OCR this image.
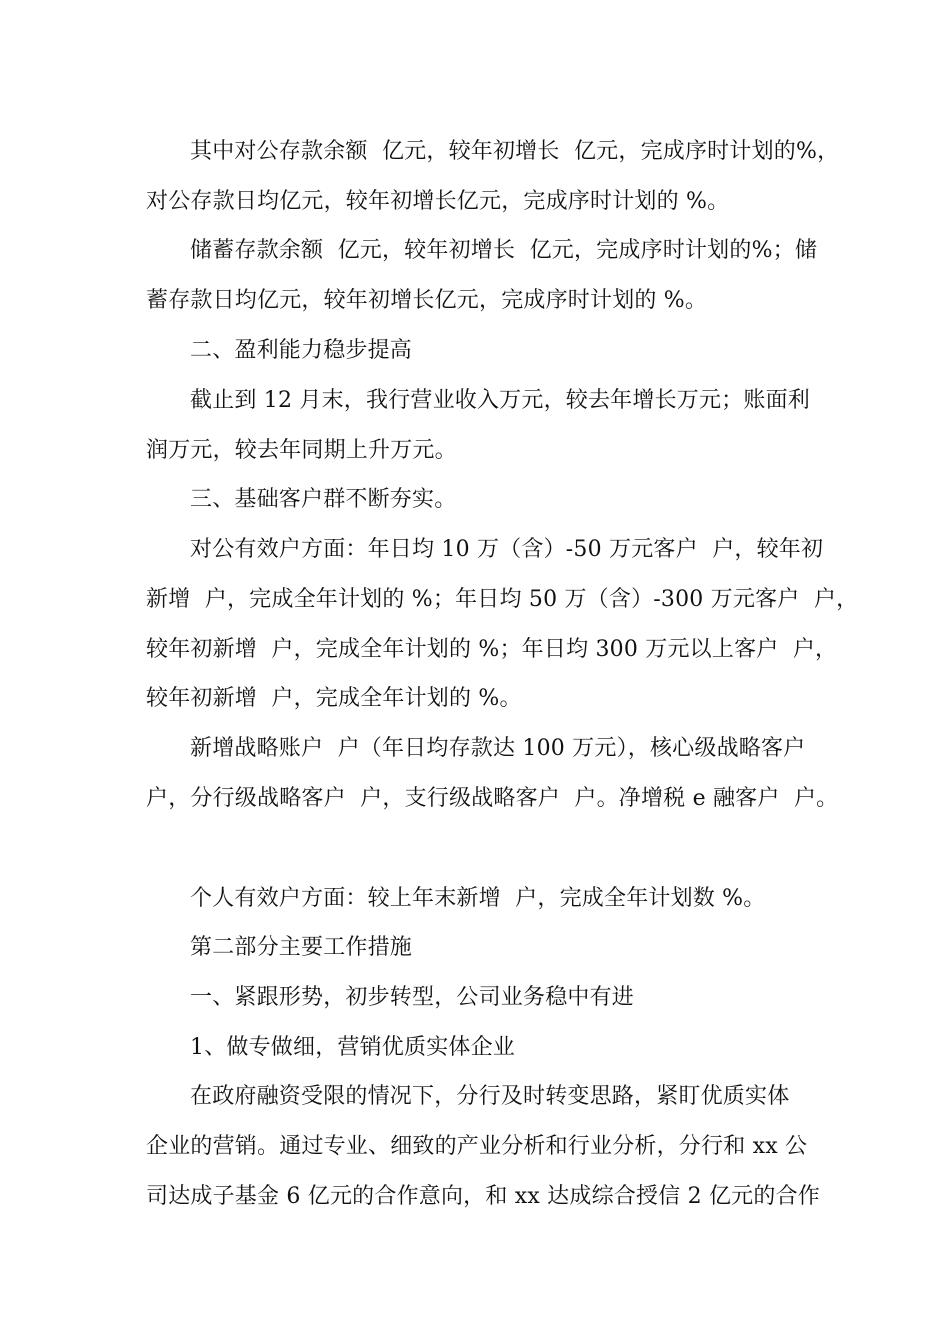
其中对公存款余额  亿元，较年初增长  亿元，完成序时计划的%，
对公存款日均亿元，较年初增长亿元，完成序时计划的 %。
储蓄存款余额  亿元，较年初增长  亿元，完成序时计划的%；储
蓄存款日均亿元，较年初增长亿元，完成序时计划的 %。
二、盈利能力稳步提高
截止到 12 月末，我行营业收入万元，较去年增长万元；账面利
润万元，较去年同期上升万元。
三、基础客户群不断夯实。
对公有效户方面：年日均 10 万（含）-50 万元客户  户，较年初
新增  户，完成全年计划的 %；年日均 50 万（含）-300 万元客户  户，
较年初新增  户，完成全年计划的 %；年日均 300 万元以上客户  户，
较年初新增  户，完成全年计划的 %。
新增战略账户  户（年日均存款达 100 万元），核心级战略客户
户，分行级战略客户  户，支行级战略客户  户。净增税 e 融客户  户。
个人有效户方面：较上年末新增  户，完成全年计划数 %。
第二部分主要工作措施
一、紧跟形势，初步转型，公司业务稳中有进
1、做专做细，营销优质实体企业
在政府融资受限的情况下，分行及时转变思路，紧盯优质实体
企业的营销。通过专业、细致的产业分析和行业分析，分行和 xx 公
司达成子基金 6 亿元的合作意向，和 xx 达成综合授信 2 亿元的合作
